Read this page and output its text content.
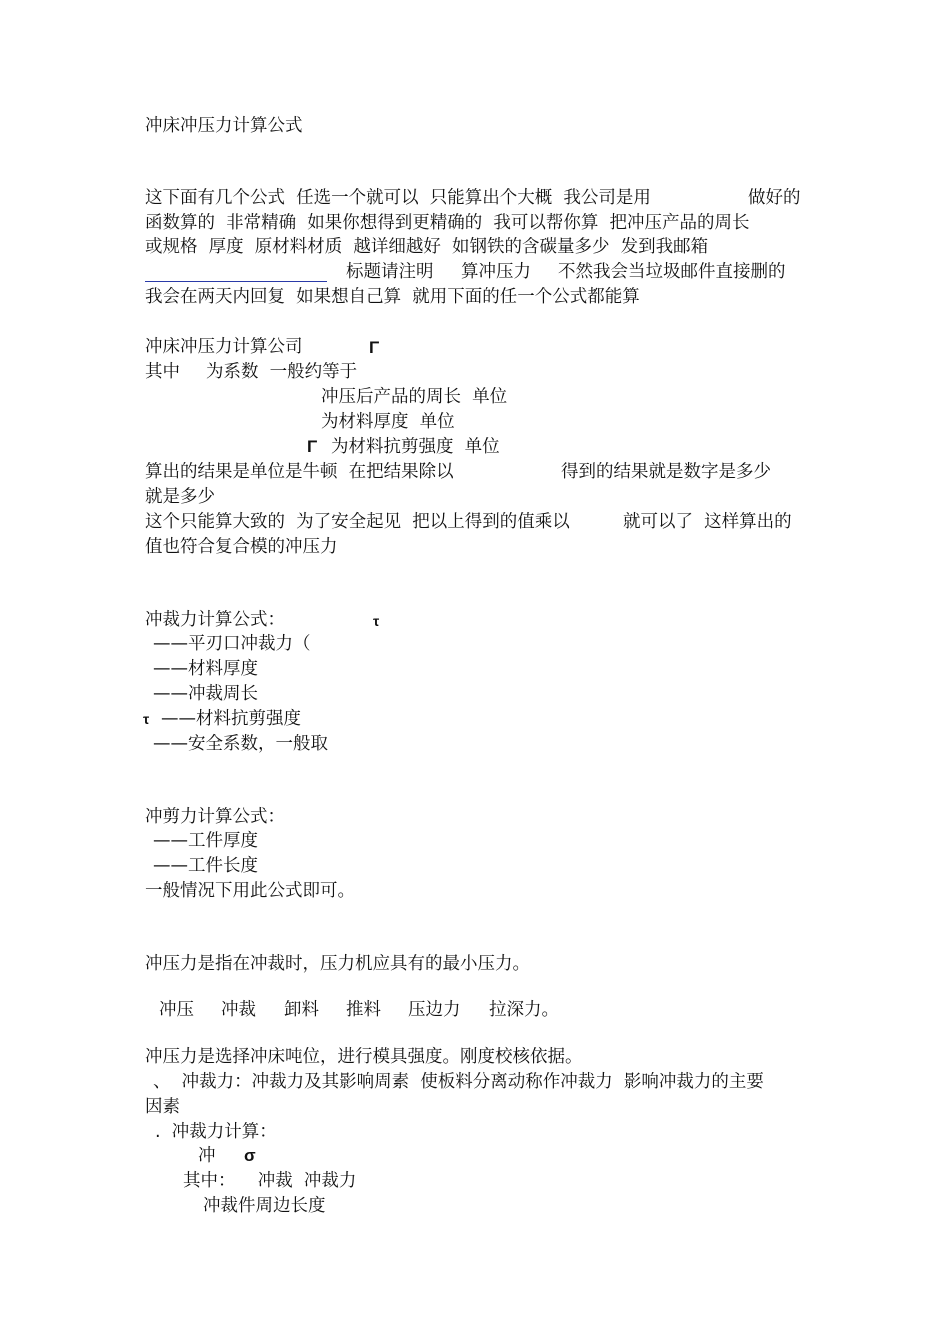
冲床冲压力计算公式
这下面有几个公式  任选一个就可以  只能算出个大概  我公司是用	做好的
函数算的  非常精确  如果你想得到更精确的  我可以帮你算  把冲压产品的周长
或规格  厚度  原材料材质  越详细越好  如钢铁的含碳量多少  发到我邮箱
标题请注明 算冲压力 不然我会当垃圾邮件直接删的
我会在两天内回复  如果想自己算  就用下面的任一个公式都能算
冲床冲压力计算公司	Γ
其中 为系数  一般约等于
冲压后产品的周长  单位
为材料厚度  单位
Γ 为材料抗剪强度  单位
算出的结果是单位是牛顿  在把结果除以	得到的结果就是数字是多少
就是多少
这个只能算大致的  为了安全起见  把以上得到的值乘以	就可以了  这样算出的
值也符合复合模的冲压力
冲裁力计算公式：	τ
——平刃口冲裁力（
——材料厚度
——冲裁周长
τ ——材料抗剪强度
——安全系数，一般取
冲剪力计算公式：
——工件厚度
——工件长度
一般情况下用此公式即可。
冲压力是指在冲裁时，压力机应具有的最小压力。
冲压 冲裁 卸料 推料 压边力 拉深力。
冲压力是选择冲床吨位，进行模具强度。刚度校核依据。
、  冲裁力：冲裁力及其影响周素  使板料分离动称作冲裁力  影响冲裁力的主要
因素
.  冲裁力计算：
冲 σ
其中：    冲裁  冲裁力
冲裁件周边长度
